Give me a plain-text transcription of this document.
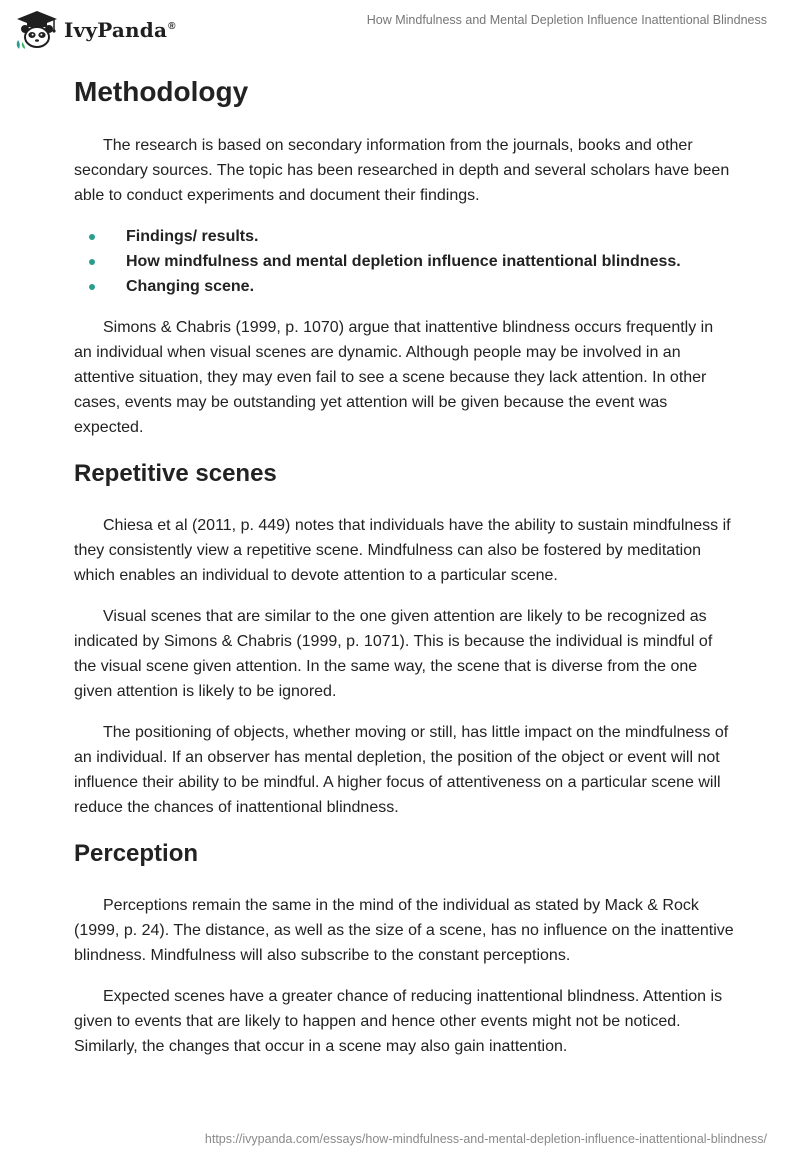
IvyPanda®	How Mindfulness and Mental Depletion Influence Inattentional Blindness
Methodology

The research is based on secondary information from the journals, books and other secondary sources. The topic has been researched in depth and several scholars have been able to conduct experiments and document their findings.

Findings/ results.
How mindfulness and mental depletion influence inattentional blindness.
Changing scene.

Simons & Chabris (1999, p. 1070) argue that inattentive blindness occurs frequently in an individual when visual scenes are dynamic. Although people may be involved in an attentive situation, they may even fail to see a scene because they lack attention. In other cases, events may be outstanding yet attention will be given because the event was expected.

Repetitive scenes

Chiesa et al (2011, p. 449) notes that individuals have the ability to sustain mindfulness if they consistently view a repetitive scene. Mindfulness can also be fostered by meditation which enables an individual to devote attention to a particular scene.

Visual scenes that are similar to the one given attention are likely to be recognized as indicated by Simons & Chabris (1999, p. 1071). This is because the individual is mindful of the visual scene given attention. In the same way, the scene that is diverse from the one given attention is likely to be ignored.

The positioning of objects, whether moving or still, has little impact on the mindfulness of an individual. If an observer has mental depletion, the position of the object or event will not influence their ability to be mindful. A higher focus of attentiveness on a particular scene will reduce the chances of inattentional blindness.

Perception

Perceptions remain the same in the mind of the individual as stated by Mack & Rock (1999, p. 24). The distance, as well as the size of a scene, has no influence on the inattentive blindness. Mindfulness will also subscribe to the constant perceptions.

Expected scenes have a greater chance of reducing inattentional blindness. Attention is given to events that are likely to happen and hence other events might not be noticed. Similarly, the changes that occur in a scene may also gain inattention.

https://ivypanda.com/essays/how-mindfulness-and-mental-depletion-influence-inattentional-blindness/
